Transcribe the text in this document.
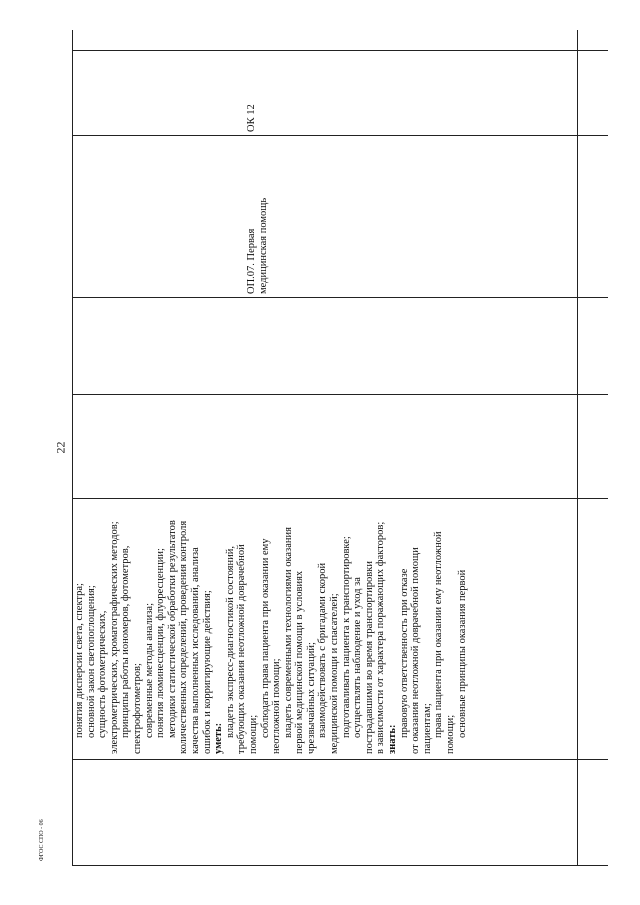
22
ФГОС СПО - 06

понятия дисперсии света, спектра; основной закон светопоглощения; сущность фотометрических, электрометрических, хроматографических методов; принципы работы иономеров, фотометров, спектрофотометров; современные методы анализа; понятия люминесценции, флуоресценции; методики статистической обработки результатов количественных определений, проведения контроля качества выполненных исследований, анализа ошибок и корригирующие действия; уметь:

владеть экспресс-диагностикой состояний, требующих оказания неотложной доврачебной помощи; соблюдать права пациента при оказании ему неотложной помощи; владеть современными технологиями оказания первой медицинской помощи в условиях чрезвычайных ситуаций; взаимодействовать с бригадами скорой медицинской помощи и спасателей; подготавливать пациента к транспортировке; осуществлять наблюдение и уход за пострадавшими во время транспортировки в зависимости от характера поражающих факторов; знать:

правовую ответственность при отказе от оказания неотложной доврачебной помощи пациентам; права пациента при оказании ему неотложной помощи; основные принципы оказания первой

ОП.07. Первая медицинская помощь
ОК 12
